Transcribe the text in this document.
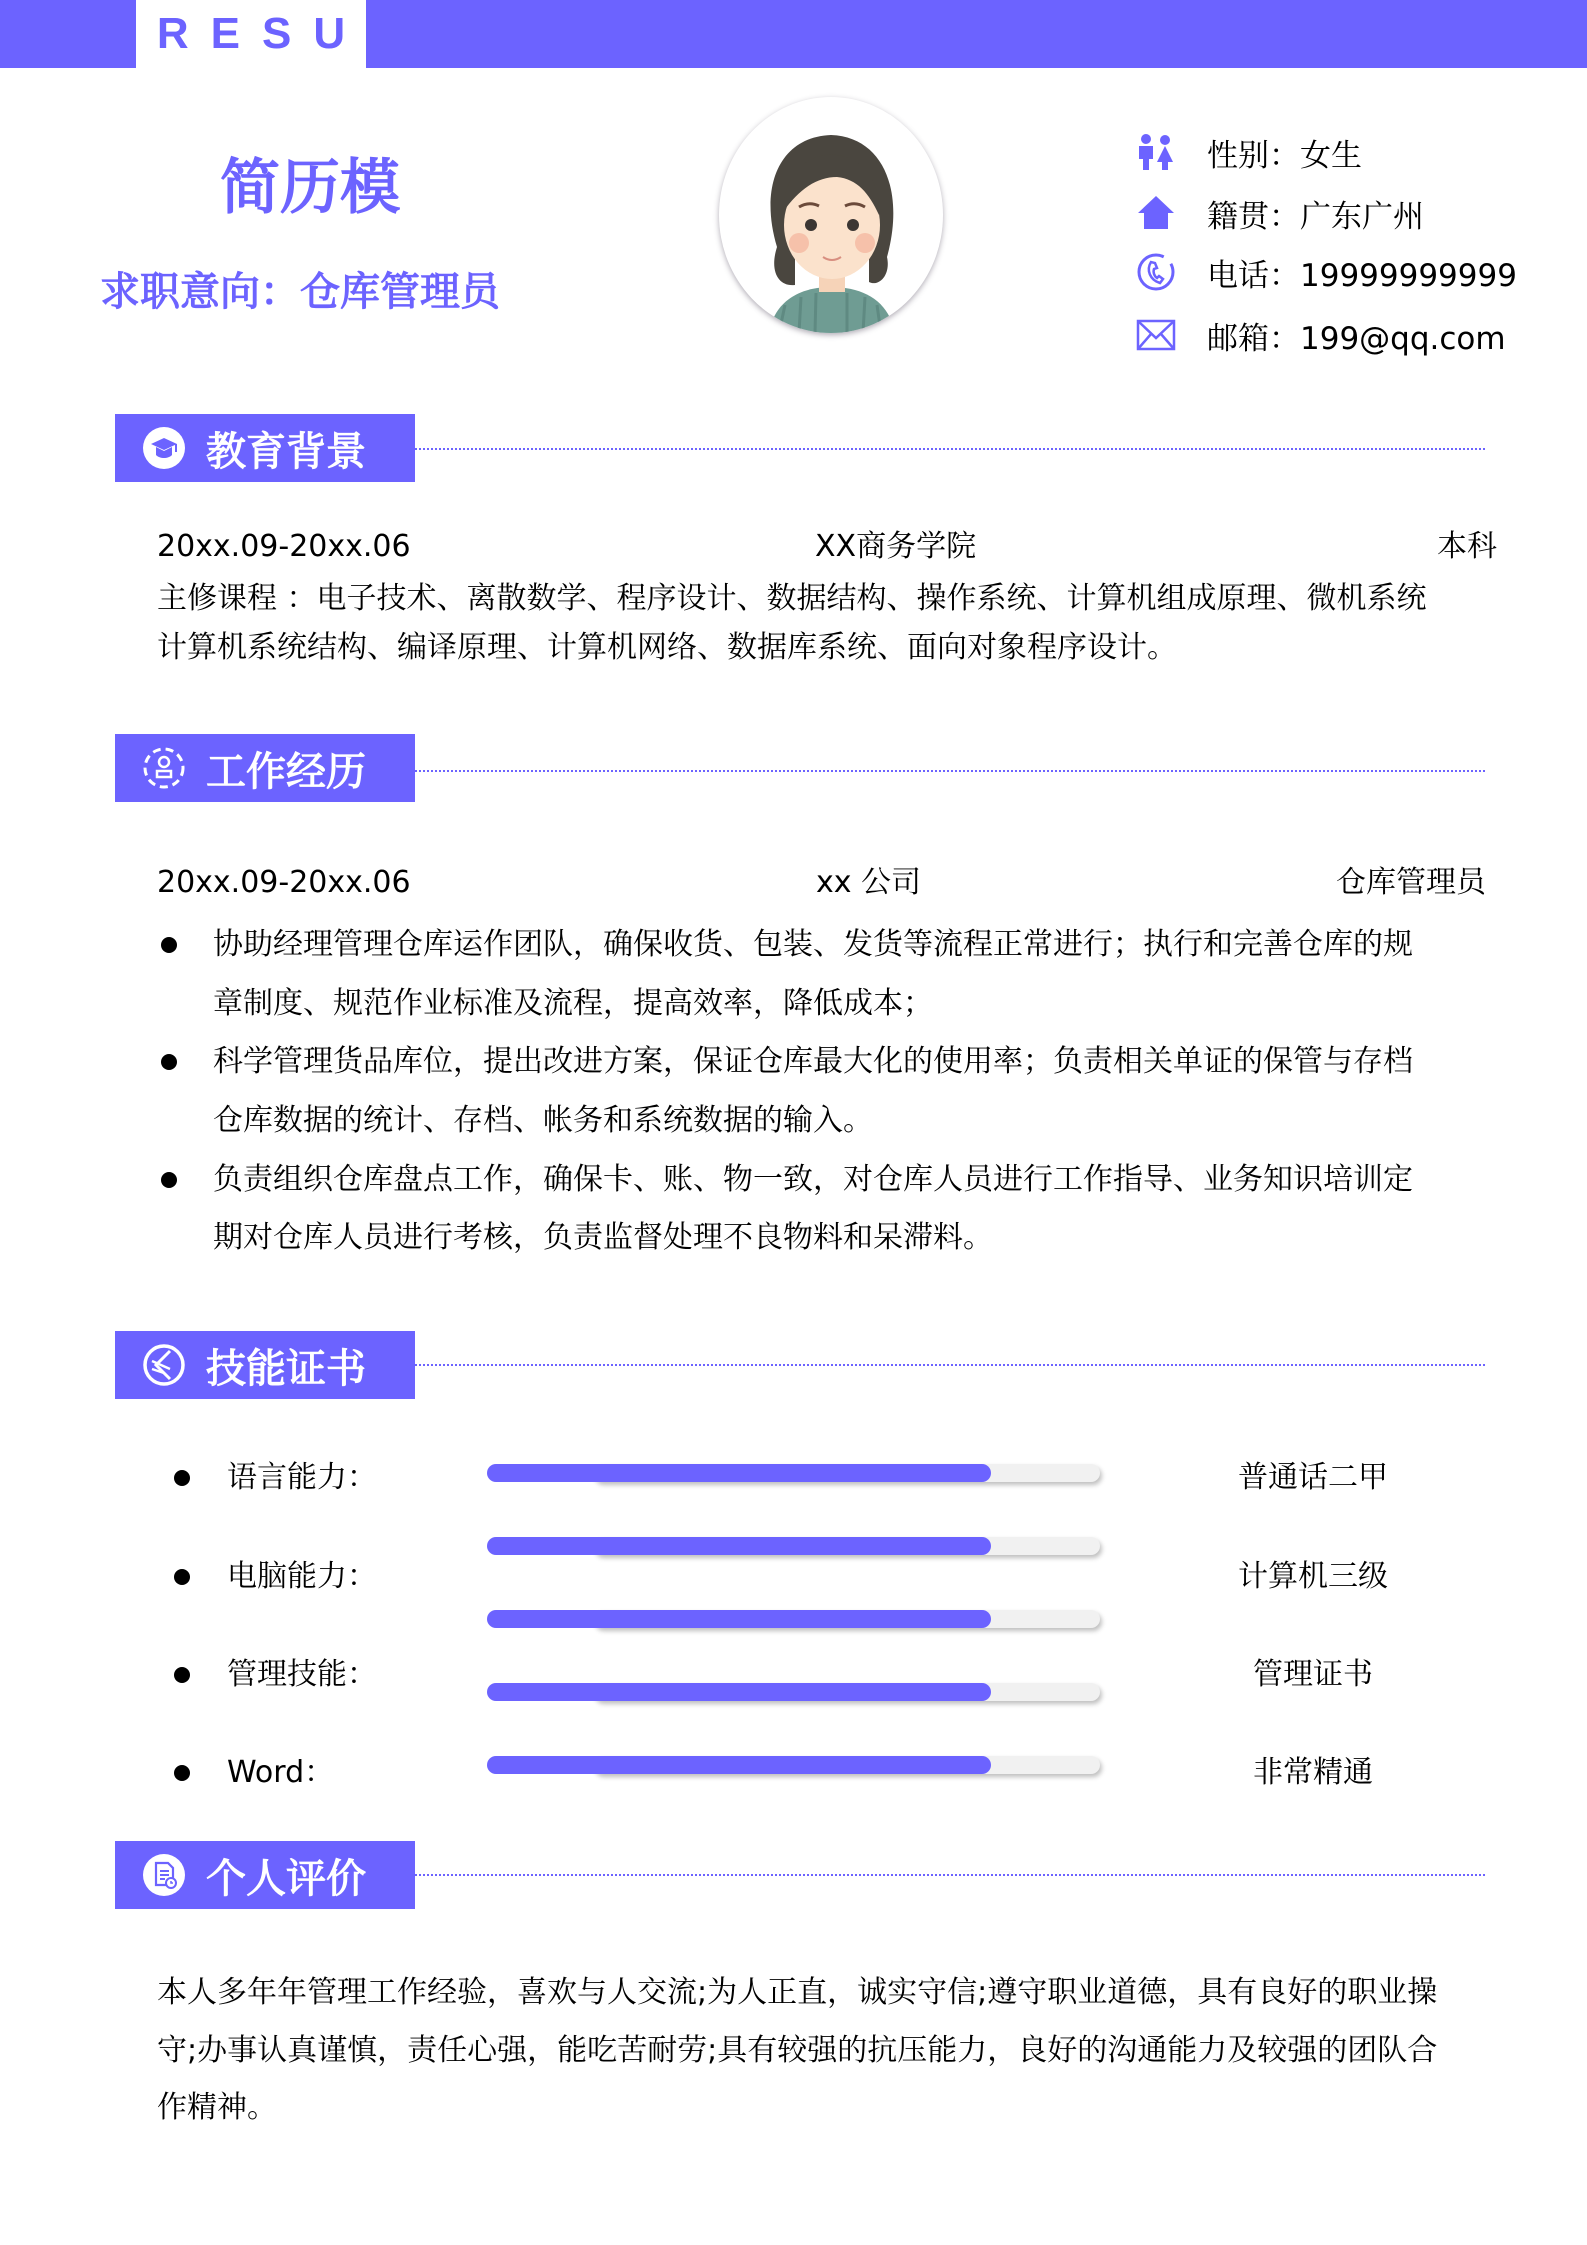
RESU
简历模
求职意向：仓库管理员
性别：女生
籍贯：广东广州
电话：19999999999
邮箱：199@qq.com
教育背景
20xx.09-20xx.06	XX商务学院	本科
主修课程 ：电子技术、离散数学、程序设计、数据结构、操作系统、计算机组成原理、微机系统
计算机系统结构、编译原理、计算机网络、数据库系统、面向对象程序设计。
工作经历
20xx.09-20xx.06	xx 公司	仓库管理员
协助经理管理仓库运作团队，确保收货、包装、发货等流程正常进行；执行和完善仓库的规
章制度、规范作业标准及流程，提高效率，降低成本；
科学管理货品库位，提出改进方案，保证仓库最大化的使用率；负责相关单证的保管与存档
仓库数据的统计、存档、帐务和系统数据的输入。
负责组织仓库盘点工作，确保卡、账、物一致，对仓库人员进行工作指导、业务知识培训定
期对仓库人员进行考核，负责监督处理不良物料和呆滞料。
技能证书
语言能力：	普通话二甲
电脑能力：	计算机三级
管理技能：	管理证书
Word：	非常精通
个人评价
本人多年年管理工作经验，喜欢与人交流;为人正直，诚实守信;遵守职业道德，具有良好的职业操
守;办事认真谨慎，责任心强，能吃苦耐劳;具有较强的抗压能力，良好的沟通能力及较强的团队合
作精神。
